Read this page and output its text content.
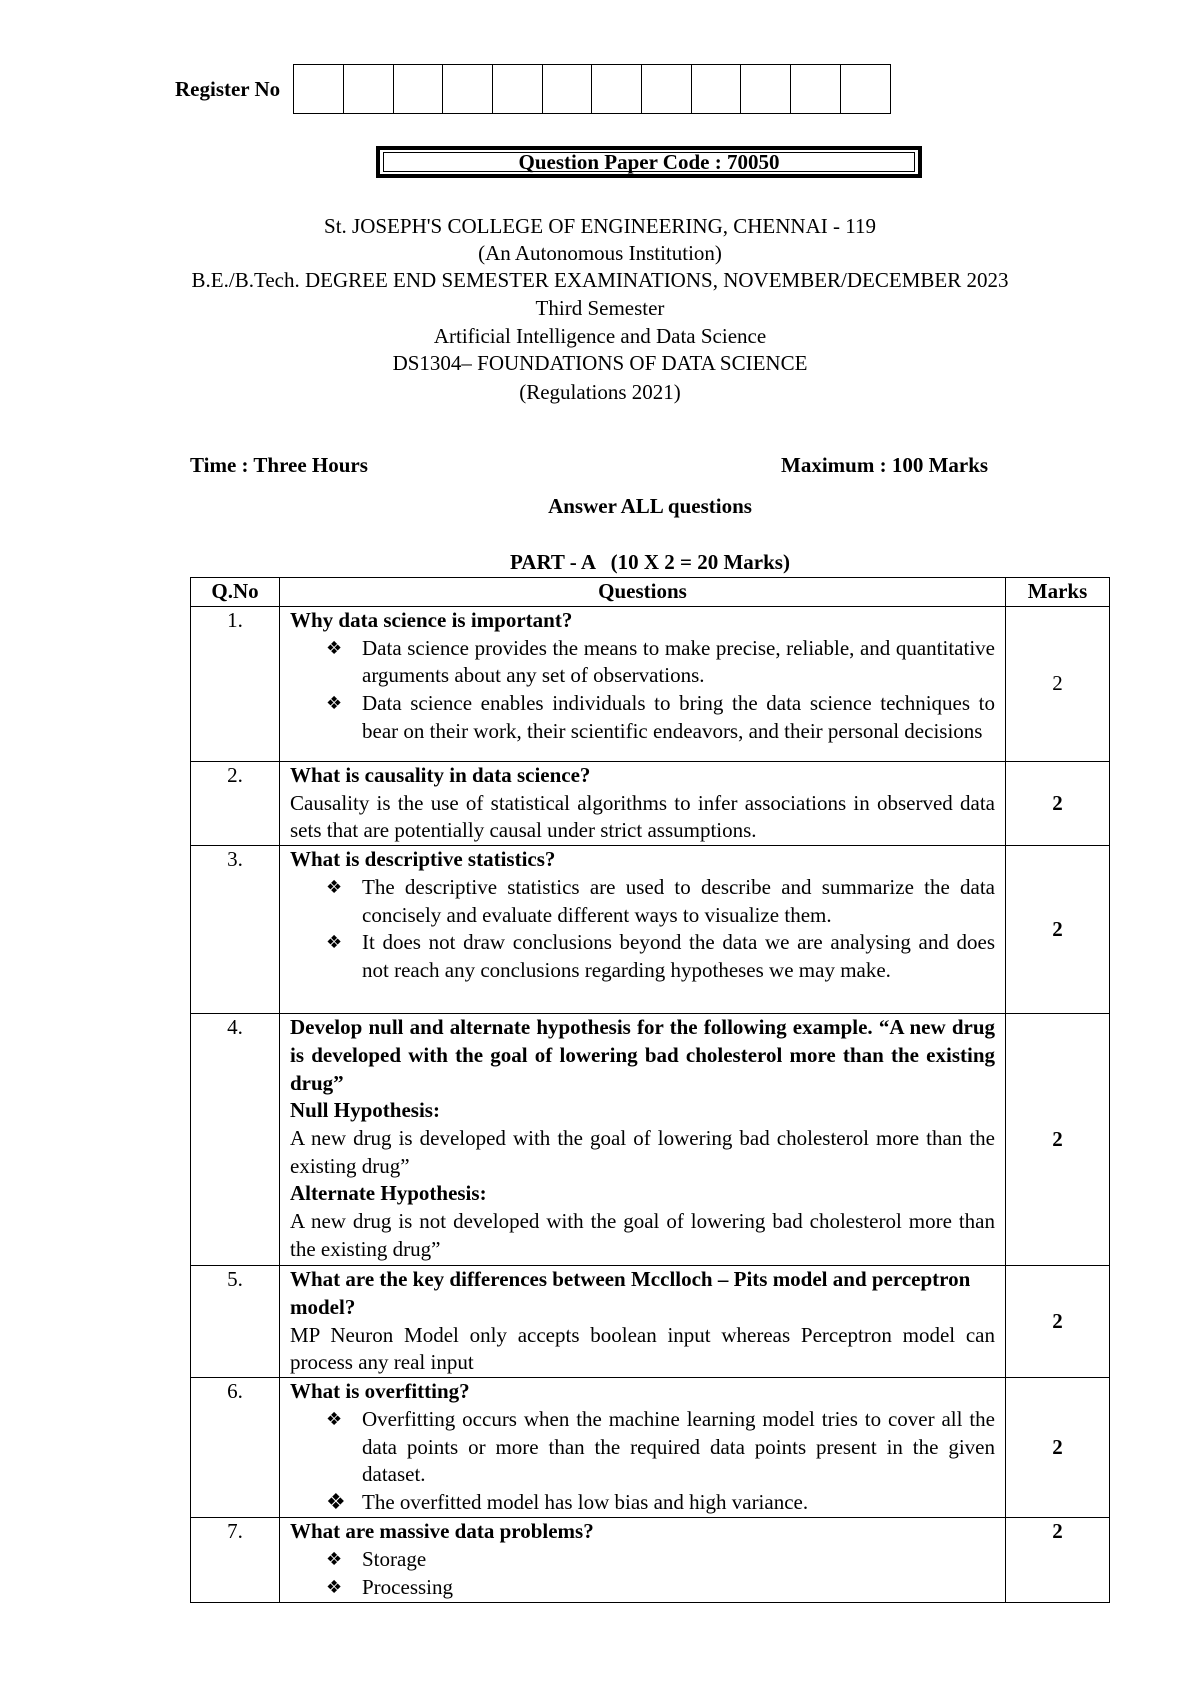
Register No
Question Paper Code : 70050
St. JOSEPH'S COLLEGE OF ENGINEERING, CHENNAI - 119
(An Autonomous Institution)
B.E./B.Tech. DEGREE END SEMESTER EXAMINATIONS, NOVEMBER/DECEMBER 2023
Third Semester
Artificial Intelligence and Data Science
DS1304– FOUNDATIONS OF DATA SCIENCE
(Regulations 2021)
Time : Three Hours	Maximum : 100 Marks
Answer ALL questions
PART - A   (10 X 2 = 20 Marks)
Q.No	Questions	Marks
1.	Why data science is important?
❖ Data science provides the means to make precise, reliable, and quantitative arguments about any set of observations.
❖ Data science enables individuals to bring the data science techniques to bear on their work, their scientific endeavors, and their personal decisions	2
2.	What is causality in data science?
Causality is the use of statistical algorithms to infer associations in observed data sets that are potentially causal under strict assumptions.	2
3.	What is descriptive statistics?
❖ The descriptive statistics are used to describe and summarize the data concisely and evaluate different ways to visualize them.
❖ It does not draw conclusions beyond the data we are analysing and does not reach any conclusions regarding hypotheses we may make.	2
4.	Develop null and alternate hypothesis for the following example. “A new drug is developed with the goal of lowering bad cholesterol more than the existing drug”
Null Hypothesis:
A new drug is developed with the goal of lowering bad cholesterol more than the existing drug”
Alternate Hypothesis:
A new drug is not developed with the goal of lowering bad cholesterol more than the existing drug”	2
5.	What are the key differences between Mcclloch – Pits model and perceptron model?
MP Neuron Model only accepts boolean input whereas Perceptron model can process any real input	2
6.	What is overfitting?
❖ Overfitting occurs when the machine learning model tries to cover all the data points or more than the required data points present in the given dataset.
❖ The overfitted model has low bias and high variance.	2
7.	What are massive data problems?
❖ Storage
❖ Processing	2
